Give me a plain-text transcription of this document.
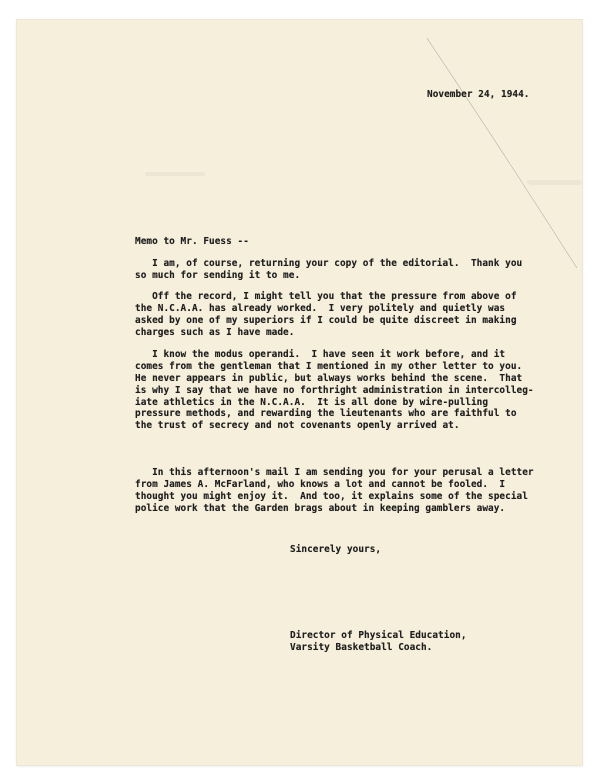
November 24, 1944.
Memo to Mr. Fuess --
I am, of course, returning your copy of the editorial.  Thank you
so much for sending it to me.
Off the record, I might tell you that the pressure from above of
the N.C.A.A. has already worked.  I very politely and quietly was
asked by one of my superiors if I could be quite discreet in making
charges such as I have made.
I know the modus operandi.  I have seen it work before, and it
comes from the gentleman that I mentioned in my other letter to you.
He never appears in public, but always works behind the scene.  That
is why I say that we have no forthright administration in intercolleg-
iate athletics in the N.C.A.A.  It is all done by wire-pulling
pressure methods, and rewarding the lieutenants who are faithful to
the trust of secrecy and not covenants openly arrived at.
In this afternoon's mail I am sending you for your perusal a letter
from James A. McFarland, who knows a lot and cannot be fooled.  I
thought you might enjoy it.  And too, it explains some of the special
police work that the Garden brags about in keeping gamblers away.
Sincerely yours,
Director of Physical Education,
Varsity Basketball Coach.
